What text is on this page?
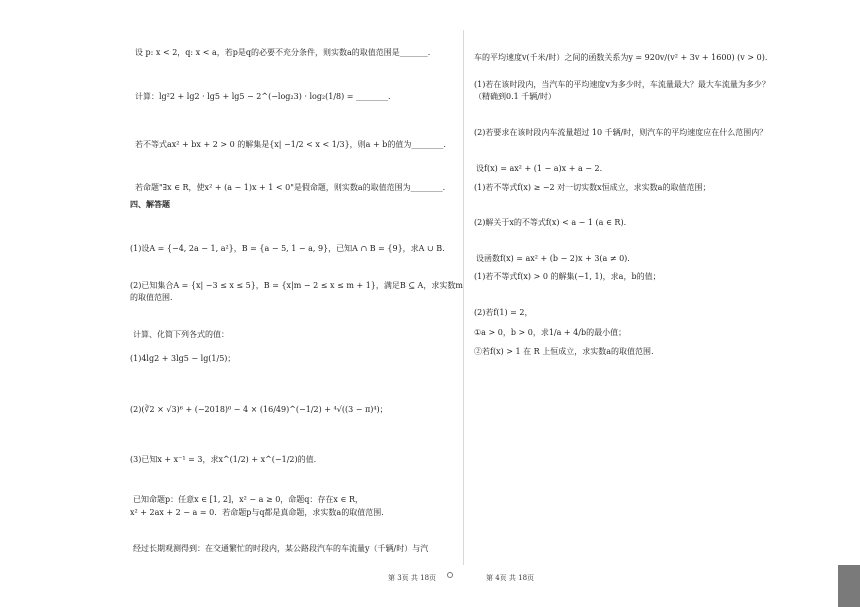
设 p: x < 2，q: x < a，若p是q的必要不充分条件，则实数a的取值范围是_______.
计算：lg²2 + lg2 · lg5 + lg5 − 2^(−log₂3) · log₂(1/8) = ________.
若不等式ax² + bx + 2 > 0 的解集是{x| −1/2 < x < 1/3}，则a + b的值为________.
若命题"∃x ∈ R，使x² + (a − 1)x + 1 < 0"是假命题，则实数a的取值范围为________.
四、解答题
(1)设A = {−4, 2a − 1, a²}，B = {a − 5, 1 − a, 9}，已知A ∩ B = {9}，求A ∪ B.
(2)已知集合A = {x| −3 ≤ x ≤ 5}，B = {x|m − 2 ≤ x ≤ m + 1}，满足B ⊆ A，求实数m
的取值范围.
计算、化简下列各式的值：
(1)4lg2 + 3lg5 − lg(1/5)；
(2)(∛2 × √3)⁶ + (−2018)⁰ − 4 × (16/49)^(−1/2) + ⁴√((3 − π)⁴)；
(3)已知x + x⁻¹ = 3，求x^(1/2) + x^(−1/2)的值.
已知命题p：任意x ∈ [1, 2]，x² − a ≥ 0，命题q：存在x ∈ R，
x² + 2ax + 2 − a = 0．若命题p与q都是真命题，求实数a的取值范围.
经过长期观测得到：在交通繁忙的时段内，某公路段汽车的车流量y（千辆/时）与汽
车的平均速度v(千米/时）之间的函数关系为y = 920v/(v² + 3v + 1600) (v > 0).
(1)若在该时段内，当汽车的平均速度v为多少时，车流量最大？最大车流量为多少？
（精确到0.1 千辆/时）
(2)若要求在该时段内车流量超过 10 千辆/时，则汽车的平均速度应在什么范围内？
设f(x) = ax² + (1 − a)x + a − 2.
(1)若不等式f(x) ≥ −2 对一切实数x恒成立，求实数a的取值范围；
(2)解关于x的不等式f(x) < a − 1 (a ∈ R).
设函数f(x) = ax² + (b − 2)x + 3(a ≠ 0).
(1)若不等式f(x) > 0 的解集(−1, 1)，求a，b的值；
(2)若f(1) = 2，
①a > 0，b > 0，求1/a + 4/b的最小值；
②若f(x) > 1 在 R 上恒成立，求实数a的取值范围.
第 3页 共 18页	第 4页 共 18页
